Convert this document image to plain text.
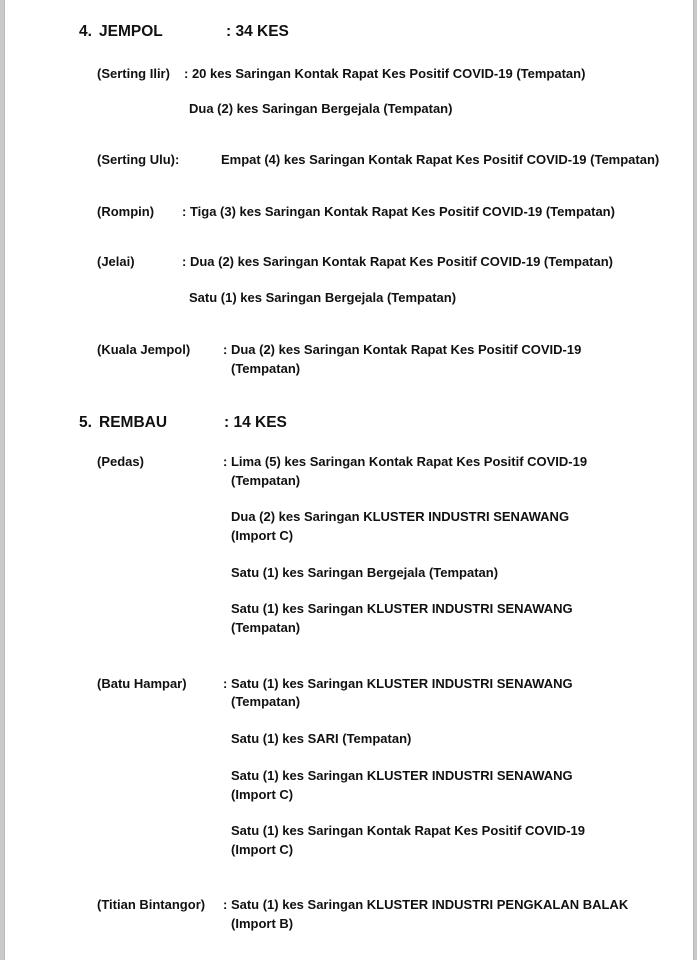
4. JEMPOL	: 34 KES
(Serting Ilir) : 20 kes Saringan Kontak Rapat Kes Positif COVID-19 (Tempatan)
Dua (2) kes Saringan Bergejala (Tempatan)
(Serting Ulu):	Empat (4) kes Saringan Kontak Rapat Kes Positif COVID-19 (Tempatan)
(Rompin) : Tiga (3) kes Saringan Kontak Rapat Kes Positif COVID-19 (Tempatan)
(Jelai)	: Dua (2) kes Saringan Kontak Rapat Kes Positif COVID-19 (Tempatan)
Satu (1) kes Saringan Bergejala (Tempatan)
(Kuala Jempol)	: Dua (2) kes Saringan Kontak Rapat Kes Positif COVID-19
(Tempatan)
5. REMBAU	: 14 KES
(Pedas)	: Lima (5) kes Saringan Kontak Rapat Kes Positif COVID-19
(Tempatan)
Dua (2) kes Saringan KLUSTER INDUSTRI SENAWANG
(Import C)
Satu (1) kes Saringan Bergejala (Tempatan)
Satu (1) kes Saringan KLUSTER INDUSTRI SENAWANG
(Tempatan)
(Batu Hampar)	: Satu (1) kes Saringan KLUSTER INDUSTRI SENAWANG
(Tempatan)
Satu (1) kes SARI (Tempatan)
Satu (1) kes Saringan KLUSTER INDUSTRI SENAWANG
(Import C)
Satu (1) kes Saringan Kontak Rapat Kes Positif COVID-19
(Import C)
(Titian Bintangor) : Satu (1) kes Saringan KLUSTER INDUSTRI PENGKALAN BALAK
(Import B)
